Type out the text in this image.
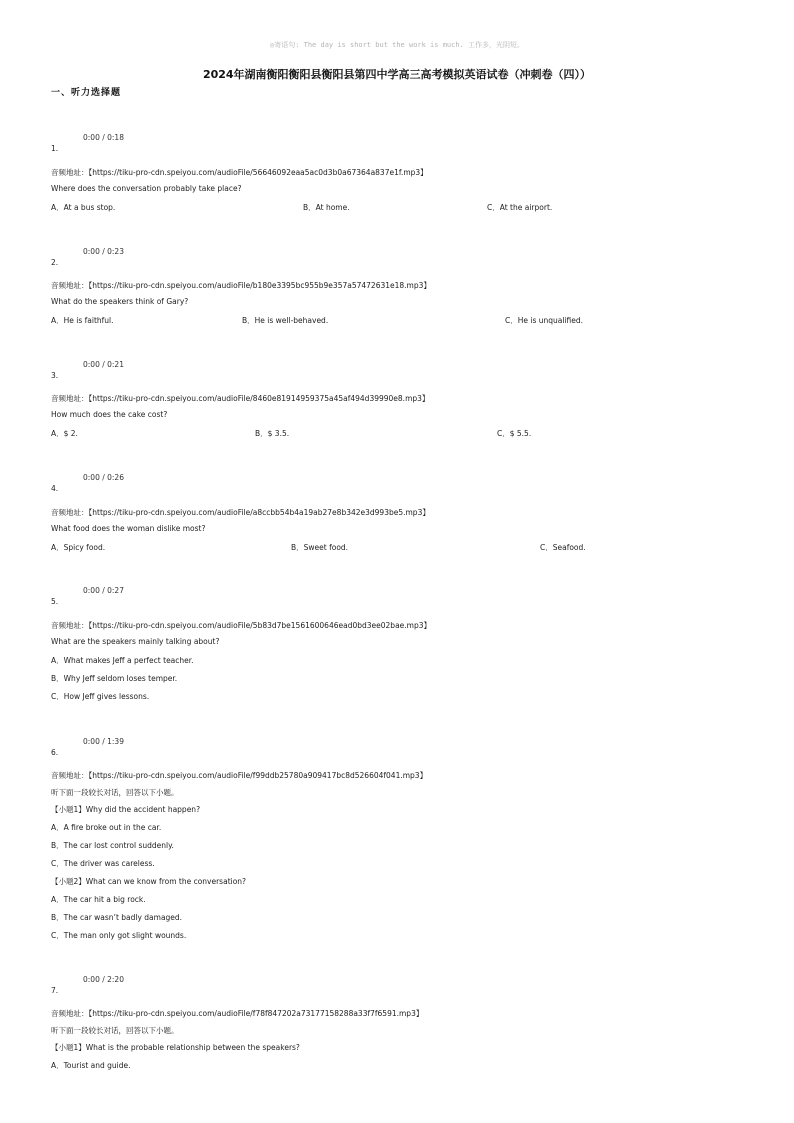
◎寄语句: The day is short but the work is much. 工作多，光阴短。
2024年湖南衡阳衡阳县衡阳县第四中学高三高考模拟英语试卷（冲刺卷（四））
一、听力选择题
0:00 / 0:18
1.
音频地址：【https://tiku-pro-cdn.speiyou.com/audioFile/56646092eaa5ac0d3b0a67364a837e1f.mp3】
Where does the conversation probably take place?
A．At a bus stop.	B．At home.	C．At the airport.
0:00 / 0:23
2.
音频地址：【https://tiku-pro-cdn.speiyou.com/audioFile/b180e3395bc955b9e357a57472631e18.mp3】
What do the speakers think of Gary?
A．He is faithful.	B．He is well-behaved.	C．He is unqualified.
0:00 / 0:21
3.
音频地址：【https://tiku-pro-cdn.speiyou.com/audioFile/8460e81914959375a45af494d39990e8.mp3】
How much does the cake cost?
A．$ 2.	B．$ 3.5.	C．$ 5.5.
0:00 / 0:26
4.
音频地址：【https://tiku-pro-cdn.speiyou.com/audioFile/a8ccbb54b4a19ab27e8b342e3d993be5.mp3】
What food does the woman dislike most?
A．Spicy food.	B．Sweet food.	C．Seafood.
0:00 / 0:27
5.
音频地址：【https://tiku-pro-cdn.speiyou.com/audioFile/5b83d7be1561600646ead0bd3ee02bae.mp3】
What are the speakers mainly talking about?
A．What makes Jeff a perfect teacher.
B．Why Jeff seldom loses temper.
C．How Jeff gives lessons.
0:00 / 1:39
6.
音频地址：【https://tiku-pro-cdn.speiyou.com/audioFile/f99ddb25780a909417bc8d526604f041.mp3】
听下面一段较长对话，回答以下小题。
【小题1】Why did the accident happen?
A．A fire broke out in the car.
B．The car lost control suddenly.
C．The driver was careless.
【小题2】What can we know from the conversation?
A．The car hit a big rock.
B．The car wasn’t badly damaged.
C．The man only got slight wounds.
0:00 / 2:20
7.
音频地址：【https://tiku-pro-cdn.speiyou.com/audioFile/f78f847202a73177158288a33f7f6591.mp3】
听下面一段较长对话，回答以下小题。
【小题1】What is the probable relationship between the speakers?
A．Tourist and guide.
